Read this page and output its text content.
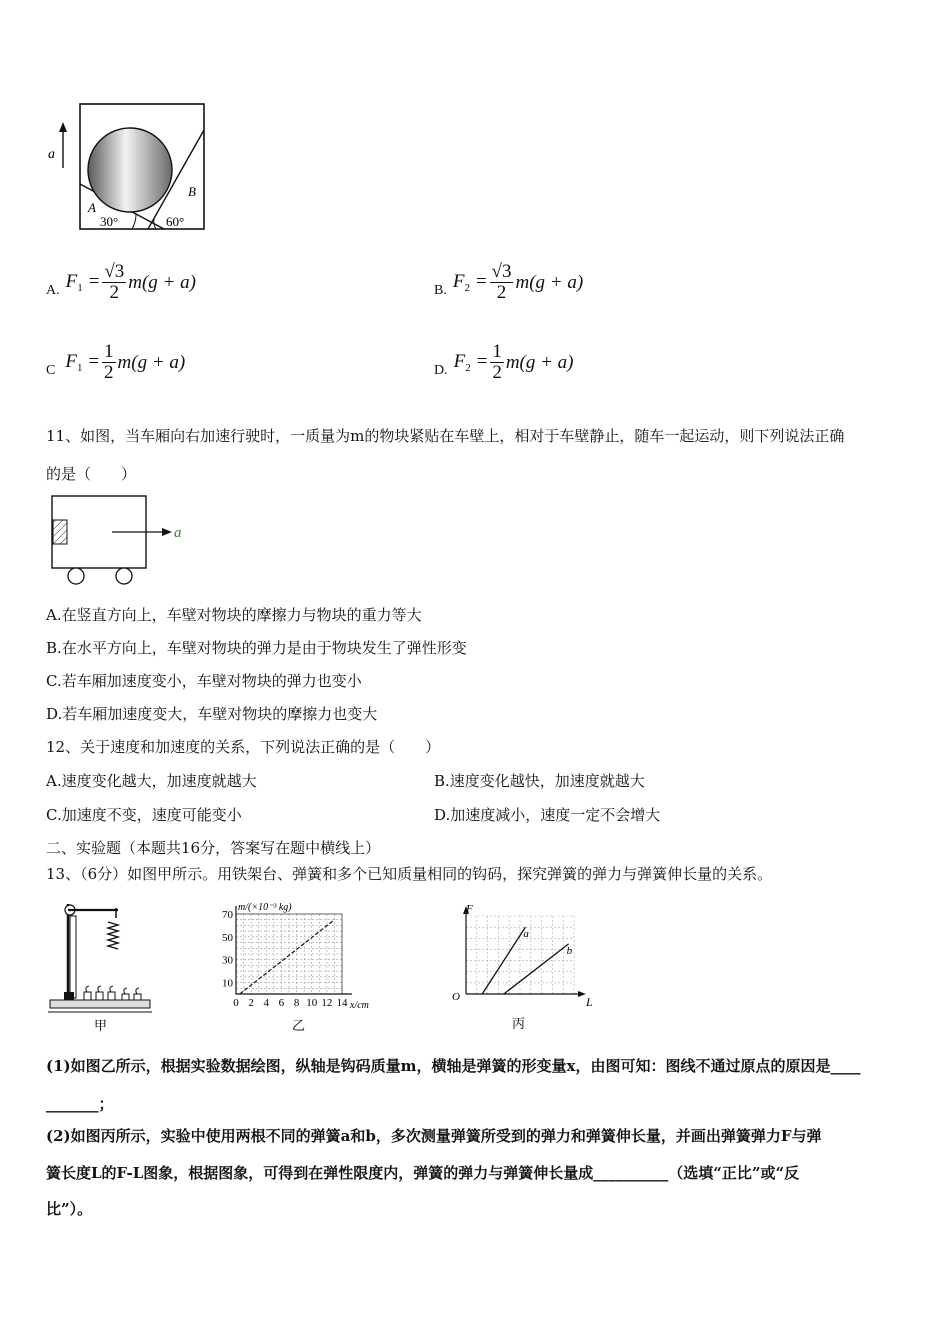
a
A
B
30°	60°
A. $F_1 = \frac{√3}{2} m(g + a)$	B. $F_2 = \frac{√3}{2} m(g + a)$
C $F_1 = \frac{1}{2} m(g + a)$	D. $F_2 = \frac{1}{2} m(g + a)$
11、如图，当车厢向右加速行驶时，一质量为m的物块紧贴在车壁上，相对于车壁静止，随车一起运动，则下列说法正确
的是（　　）
a
A.在竖直方向上，车壁对物块的摩擦力与物块的重力等大
B.在水平方向上，车壁对物块的弹力是由于物块发生了弹性形变
C.若车厢加速度变小，车壁对物块的弹力也变小
D.若车厢加速度变大，车壁对物块的摩擦力也变大
12、关于速度和加速度的关系，下列说法正确的是（　　）
A.速度变化越大，加速度就越大	B.速度变化越快，加速度就越大
C.加速度不变，速度可能变小	D.加速度减小，速度一定不会增大
二、实验题（本题共16分，答案写在题中横线上）
13、（6分）如图甲所示。用铁架台、弹簧和多个已知质量相同的钩码，探究弹簧的弹力与弹簧伸长量的关系。
甲
0 2 4 6 8 10 12 14
10
30
50
70
m/(×10⁻³ kg)
x/cm
乙
a
b
F
L
O
丙
(1)如图乙所示，根据实验数据绘图，纵轴是钩码质量m，横轴是弹簧的形变量x，由图可知：图线不通过原点的原因是____
_______；
(2)如图丙所示，实验中使用两根不同的弹簧a和b，多次测量弹簧所受到的弹力和弹簧伸长量，并画出弹簧弹力F与弹
簧长度L的F-L图象，根据图象，可得到在弹性限度内，弹簧的弹力与弹簧伸长量成__________（选填“正比”或“反
比”）。
